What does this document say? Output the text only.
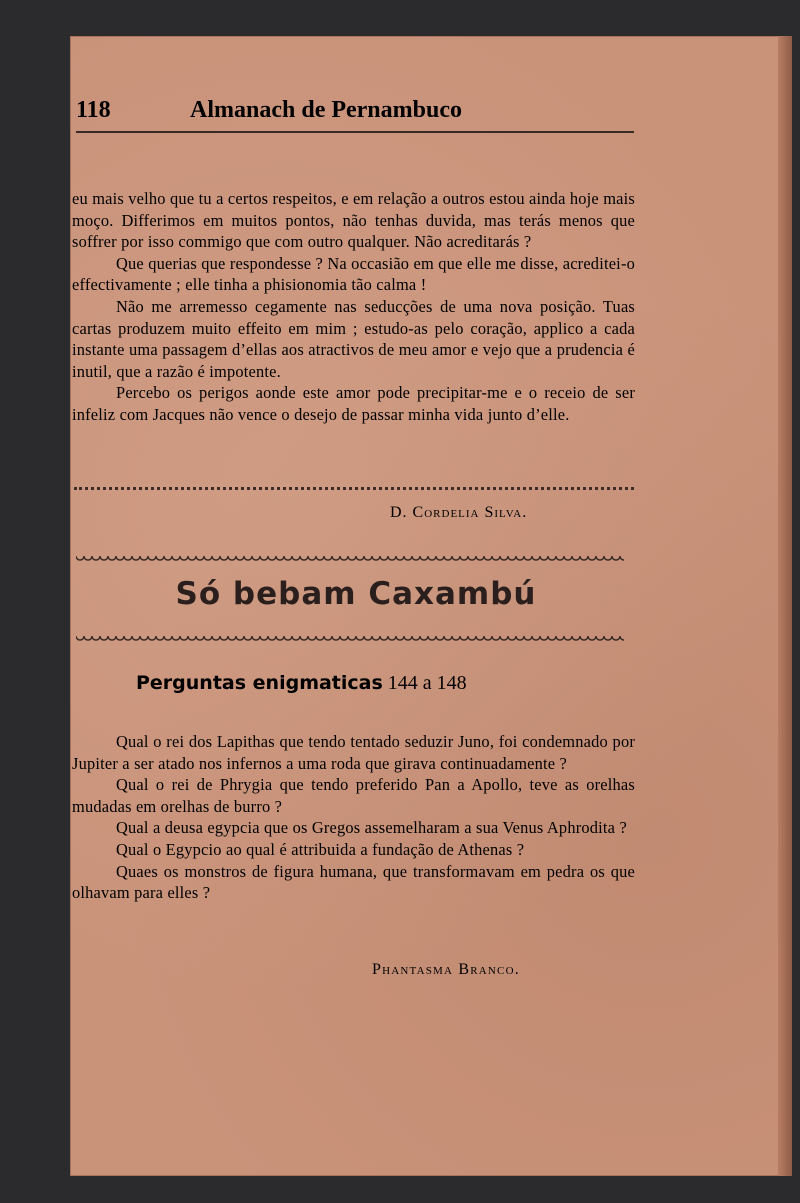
118	Almanach de Pernambuco

eu mais velho que tu a certos respeitos, e em relação a outros estou ainda hoje mais moço. Differimos em muitos pontos, não tenhas duvida, mas terás menos que soffrer por isso commigo que com outro qualquer. Não acreditarás ?

Que querias que respondesse ? Na occasião em que elle me disse, acreditei-o effectivamente ; elle tinha a phisionomia tão calma !

Não me arremesso cegamente nas seducções de uma nova posição. Tuas cartas produzem muito effeito em mim ; estudo-as pelo coração, applico a cada instante uma passagem d’ellas aos atractivos de meu amor e vejo que a prudencia é inutil, que a razão é impotente.

Percebo os perigos aonde este amor pode precipitar-me e o receio de ser infeliz com Jacques não vence o desejo de passar minha vida junto d’elle.

D. Cordelia Silva.
Só bebam Caxambú
Perguntas enigmaticas 144 a 148

Qual o rei dos Lapithas que tendo tentado seduzir Juno, foi condemnado por Jupiter a ser atado nos infernos a uma roda que girava continuadamente ?

Qual o rei de Phrygia que tendo preferido Pan a Apollo, teve as orelhas mudadas em orelhas de burro ?

Qual a deusa egypcia que os Gregos assemelharam a sua Venus Aphrodita ?

Qual o Egypcio ao qual é attribuida a fundação de Athenas ?

Quaes os monstros de figura humana, que transformavam em pedra os que olhavam para elles ?

Phantasma Branco.
